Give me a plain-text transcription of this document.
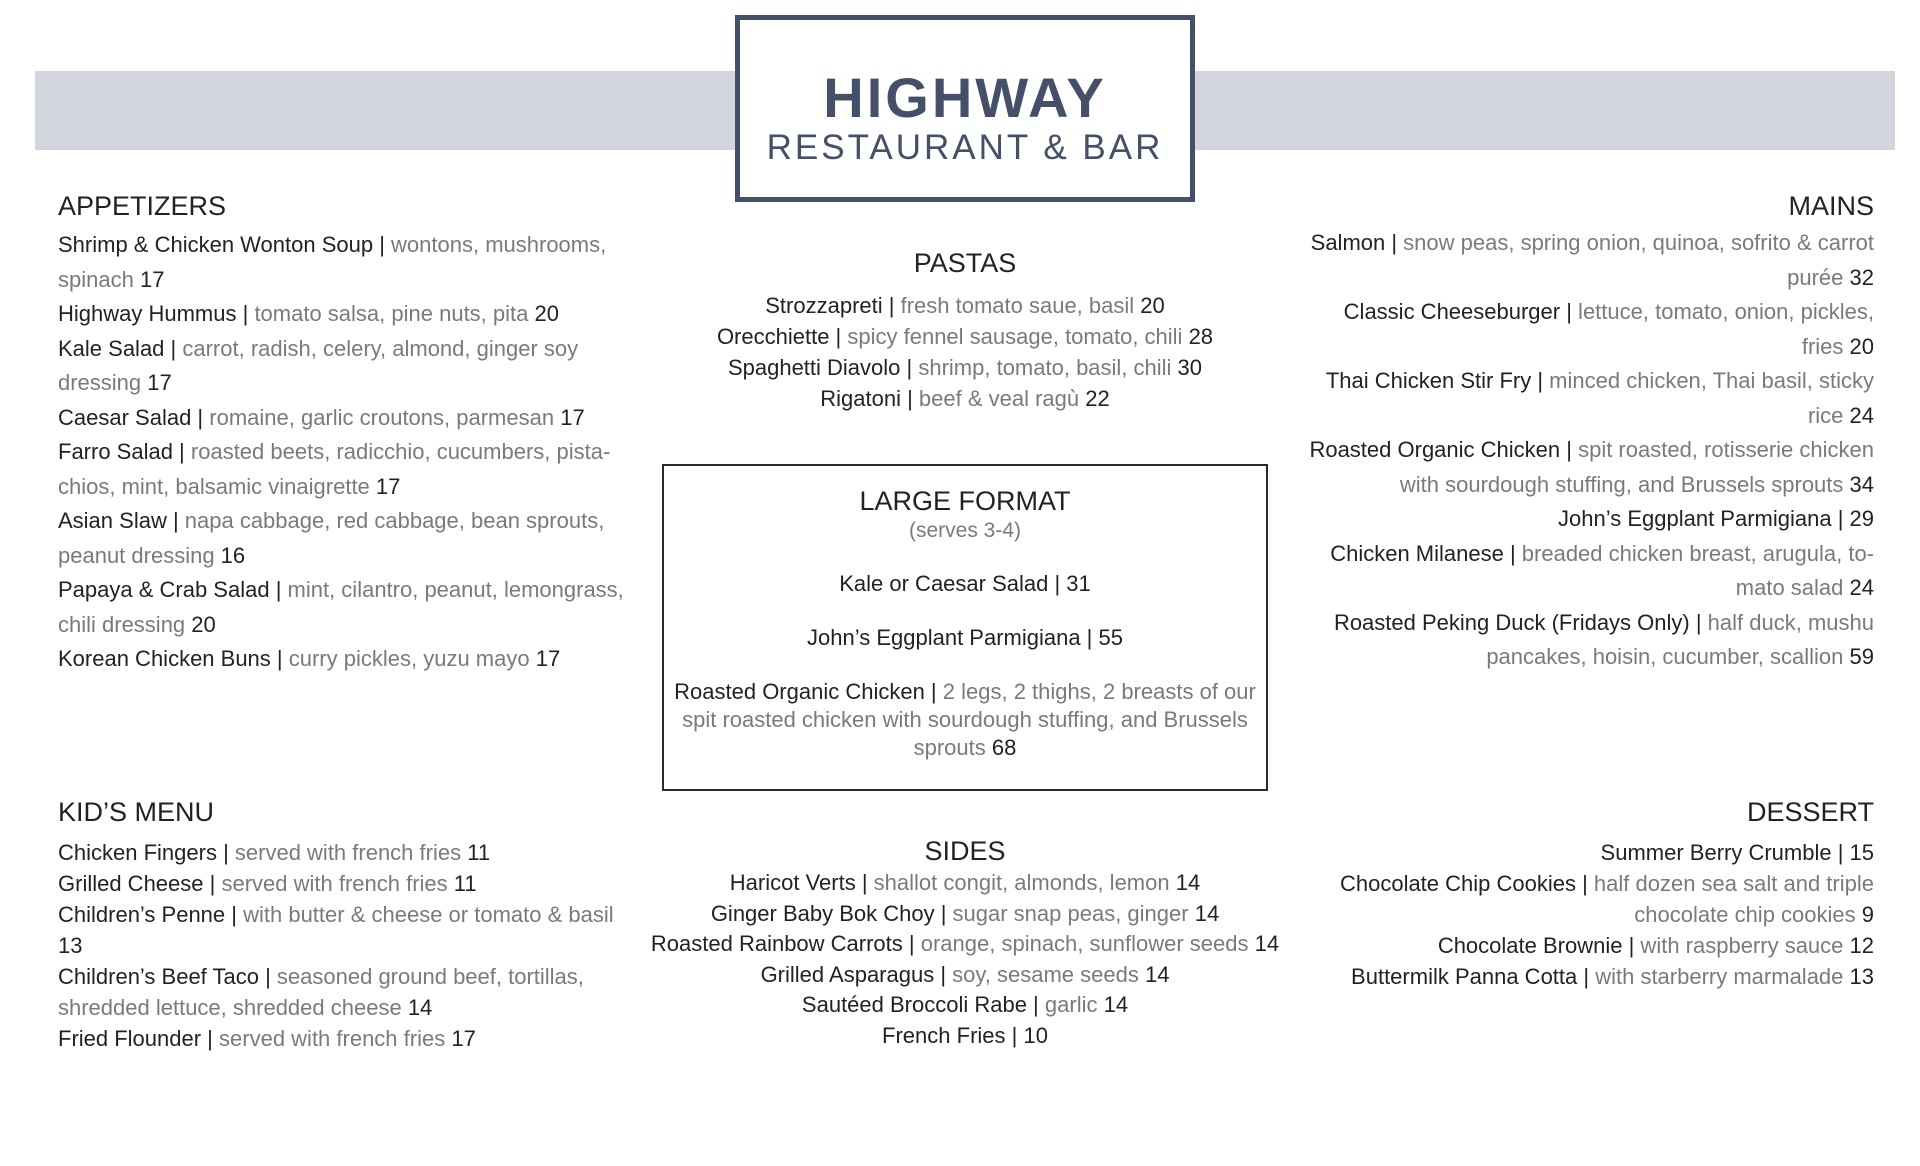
HIGHWAY
RESTAURANT & BAR
APPETIZERS
Shrimp & Chicken Wonton Soup | wontons, mushrooms, spinach 17
Highway Hummus | tomato salsa, pine nuts, pita 20
Kale Salad | carrot, radish, celery, almond, ginger soy dressing 17
Caesar Salad | romaine, garlic croutons, parmesan 17
Farro Salad | roasted beets, radicchio, cucumbers, pista-chios, mint, balsamic vinaigrette 17
Asian Slaw | napa cabbage, red cabbage, bean sprouts, peanut dressing 16
Papaya & Crab Salad | mint, cilantro, peanut, lemongrass, chili dressing 20
Korean Chicken Buns | curry pickles, yuzu mayo 17
PASTAS
Strozzapreti | fresh tomato saue, basil 20
Orecchiette | spicy fennel sausage, tomato, chili 28
Spaghetti Diavolo | shrimp, tomato, basil, chili 30
Rigatoni | beef & veal ragù 22
LARGE FORMAT
(serves 3-4)
Kale or Caesar Salad | 31
John’s Eggplant Parmigiana | 55
Roasted Organic Chicken | 2 legs, 2 thighs, 2 breasts of our spit roasted chicken with sourdough stuffing, and Brussels sprouts 68
MAINS
Salmon | snow peas, spring onion, quinoa, sofrito & carrot purée 32
Classic Cheeseburger | lettuce, tomato, onion, pickles, fries 20
Thai Chicken Stir Fry | minced chicken, Thai basil, sticky rice 24
Roasted Organic Chicken | spit roasted, rotisserie chicken with sourdough stuffing, and Brussels sprouts 34
John’s Eggplant Parmigiana | 29
Chicken Milanese | breaded chicken breast, arugula, to-mato salad 24
Roasted Peking Duck (Fridays Only) | half duck, mushu pancakes, hoisin, cucumber, scallion 59
KID’S MENU
Chicken Fingers | served with french fries 11
Grilled Cheese | served with french fries 11
Children’s Penne | with butter & cheese or tomato & basil 13
Children’s Beef Taco | seasoned ground beef, tortillas, shredded lettuce, shredded cheese 14
Fried Flounder | served with french fries 17
SIDES
Haricot Verts | shallot congit, almonds, lemon 14
Ginger Baby Bok Choy | sugar snap peas, ginger 14
Roasted Rainbow Carrots | orange, spinach, sunflower seeds 14
Grilled Asparagus | soy, sesame seeds 14
Sautéed Broccoli Rabe | garlic 14
French Fries | 10
DESSERT
Summer Berry Crumble | 15
Chocolate Chip Cookies | half dozen sea salt and triple chocolate chip cookies 9
Chocolate Brownie | with raspberry sauce 12
Buttermilk Panna Cotta | with starberry marmalade 13
